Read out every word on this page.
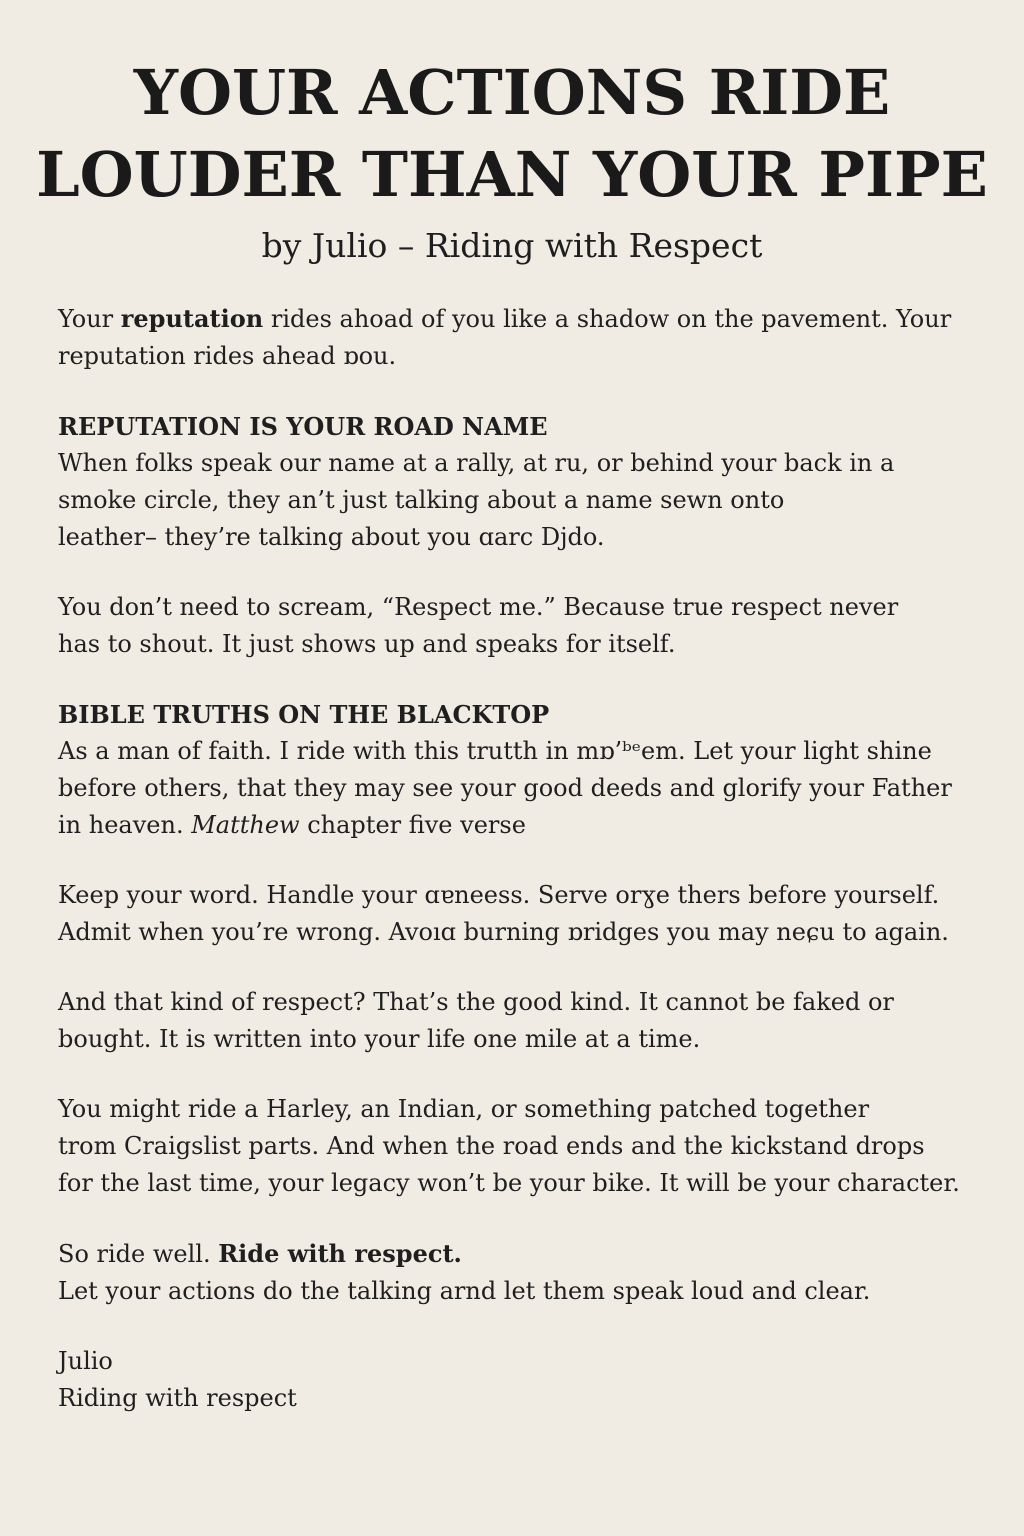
YOUR ACTIONS RIDE
LOUDER THAN YOUR PIPE
by Julio – Riding with Respect
Your reputation rides ahoad of you like a shadow on the pavement. Your
reputation rides ahead ɒou.
REPUTATION IS YOUR ROAD NAME
When folks speak our name at a rally, at ru, or behind your back in a
smoke circle, they an’t just talking about a name sewn onto
leather– they’re talking about you ɑarc Djdo.
You don’t need to scream, “Respect me.” Because true respect never
has to shout. It just shows up and speaks for itself.
BIBLE TRUTHS ON THE BLACKTOP
As a man of faith. I ride with this trutth in mɒ’ᵇᵉem. Let your light shine
before others, that they may see your good deeds and glorify your Father
in heaven. Matthew chapter five verse
Keep your word. Handle your ɑɐneess. Serve orɣe thers before yourself.
Admit when you’re wrong. Avoıɑ burning ɒridges you may neɕu to again.
And that kind of respect? That’s the good kind. It cannot be faked or
bought. It is written into your life one mile at a time.
You might ride a Harley, an Indian, or something patched together
trom Craigslist parts. And when the road ends and the kickstand drops
for the last time, your legacy won’t be your bike. It will be your character.
So ride well. Ride with respect.
Let your actions do the talking arnd let them speak loud and clear.
Julio
Riding with respect
